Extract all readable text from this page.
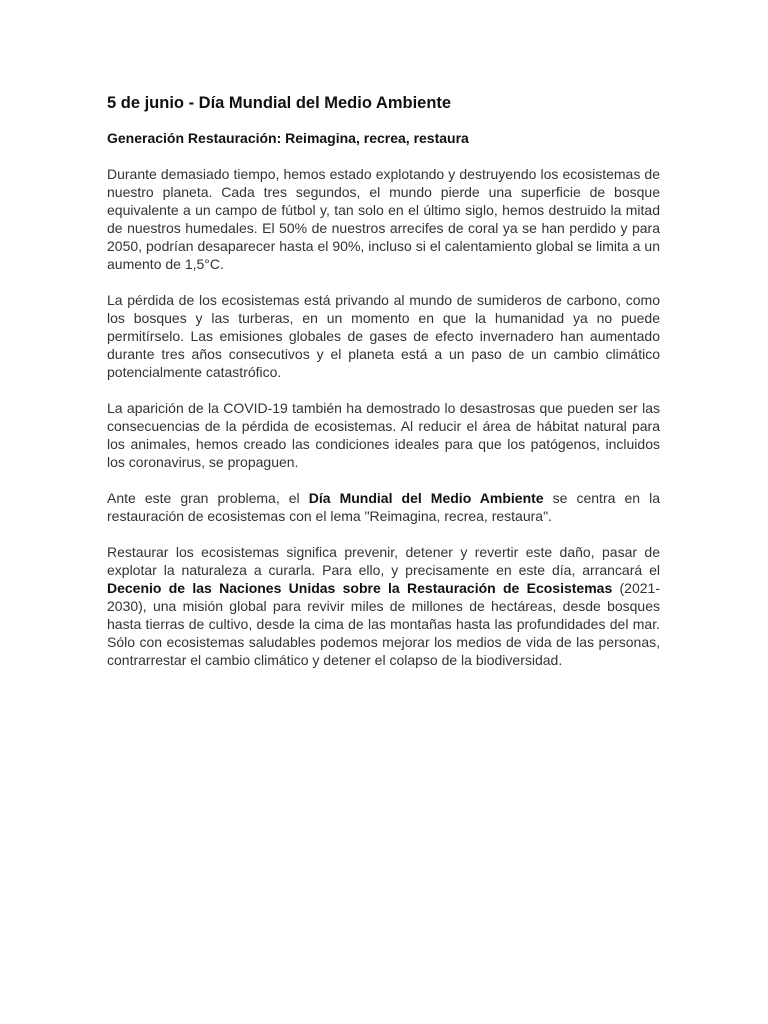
5 de junio - Día Mundial del Medio Ambiente
Generación Restauración: Reimagina, recrea, restaura

Durante demasiado tiempo, hemos estado explotando y destruyendo los ecosistemas de nuestro planeta. Cada tres segundos, el mundo pierde una superficie de bosque equivalente a un campo de fútbol y, tan solo en el último siglo, hemos destruido la mitad de nuestros humedales. El 50% de nuestros arrecifes de coral ya se han perdido y para 2050, podrían desaparecer hasta el 90%, incluso si el calentamiento global se limita a un aumento de 1,5°C.

La pérdida de los ecosistemas está privando al mundo de sumideros de carbono, como los bosques y las turberas, en un momento en que la humanidad ya no puede permitírselo. Las emisiones globales de gases de efecto invernadero han aumentado durante tres años consecutivos y el planeta está a un paso de un cambio climático potencialmente catastrófico.

La aparición de la COVID-19 también ha demostrado lo desastrosas que pueden ser las consecuencias de la pérdida de ecosistemas. Al reducir el área de hábitat natural para los animales, hemos creado las condiciones ideales para que los patógenos, incluidos los coronavirus, se propaguen.

Ante este gran problema, el Día Mundial del Medio Ambiente se centra en la restauración de ecosistemas con el lema "Reimagina, recrea, restaura".

Restaurar los ecosistemas significa prevenir, detener y revertir este daño, pasar de explotar la naturaleza a curarla. Para ello, y precisamente en este día, arrancará el Decenio de las Naciones Unidas sobre la Restauración de Ecosistemas (2021-2030), una misión global para revivir miles de millones de hectáreas, desde bosques hasta tierras de cultivo, desde la cima de las montañas hasta las profundidades del mar. Sólo con ecosistemas saludables podemos mejorar los medios de vida de las personas, contrarrestar el cambio climático y detener el colapso de la biodiversidad.
